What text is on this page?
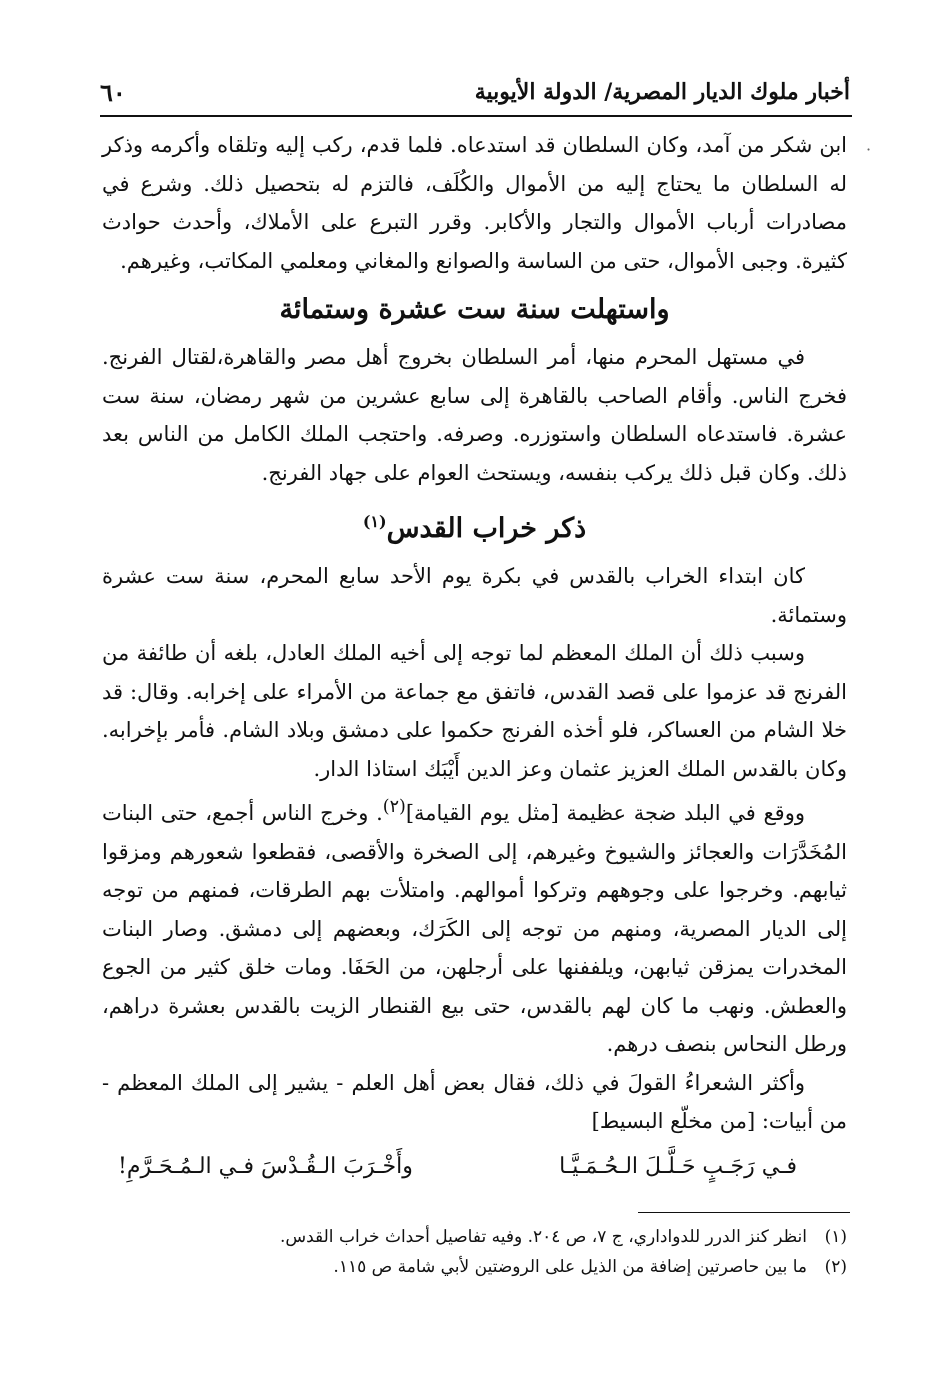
·
أخبار ملوك الديار المصرية/ الدولة الأيوبية
٦٠

ابن شكر من آمد، وكان السلطان قد استدعاه. فلما قدم، ركب إليه وتلقاه وأكرمه وذكر له السلطان ما يحتاج إليه من الأموال والكُلَف، فالتزم له بتحصيل ذلك. وشرع في مصادرات أرباب الأموال والتجار والأكابر. وقرر التبرع على الأملاك، وأحدث حوادث كثيرة. وجبى الأموال، حتى من الساسة والصوانع والمغاني ومعلمي المكاتب، وغيرهم.

واستهلت سنة ست عشرة وستمائة

في مستهل المحرم منها، أمر السلطان بخروج أهل مصر والقاهرة،لقتال الفرنج. فخرج الناس. وأقام الصاحب بالقاهرة إلى سابع عشرين من شهر رمضان، سنة ست عشرة. فاستدعاه السلطان واستوزره. وصرفه. واحتجب الملك الكامل من الناس بعد ذلك. وكان قبل ذلك يركب بنفسه، ويستحث العوام على جهاد الفرنج.

ذكر خراب القدس$^{(١)}$

كان ابتداء الخراب بالقدس في بكرة يوم الأحد سابع المحرم، سنة ست عشرة وستمائة.

وسبب ذلك أن الملك المعظم لما توجه إلى أخيه الملك العادل، بلغه أن طائفة من الفرنج قد عزموا على قصد القدس، فاتفق مع جماعة من الأمراء على إخرابه. وقال: قد خلا الشام من العساكر، فلو أخذه الفرنج حكموا على دمشق وبلاد الشام. فأمر بإخرابه. وكان بالقدس الملك العزيز عثمان وعز الدين أَيْبَك استاذا الدار.

ووقع في البلد ضجة عظيمة [مثل يوم القيامة]$^{(٢)}$. وخرج الناس أجمع، حتى البنات المُخَدَّرَات والعجائز والشيوخ وغيرهم، إلى الصخرة والأقصى، فقطعوا شعورهم ومزقوا ثيابهم. وخرجوا على وجوههم وتركوا أموالهم. وامتلأت بهم الطرقات، فمنهم من توجه إلى الديار المصرية، ومنهم من توجه إلى الكَرَك، وبعضهم إلى دمشق. وصار البنات المخدرات يمزقن ثيابهن، ويلففنها على أرجلهن، من الحَفَا. ومات خلق كثير من الجوع والعطش. ونهب ما كان لهم بالقدس، حتى بيع القنطار الزيت بالقدس بعشرة دراهم، ورطل النحاس بنصف درهم.

وأكثر الشعراءُ القولَ في ذلك، فقال بعض أهل العلم - يشير إلى الملك المعظم - من أبيات: [من مخلّع البسيط]

فـي رَجَـبٍ حَـلَّـلَ الـحُـمَـيَّـا
وأَخْـرَبَ الـقُـدْسَ فـي الـمُـحَـرَّمِ!
(١)
انظر كنز الدرر للدواداري، ج ٧، ص ٢٠٤. وفيه تفاصيل أحداث خراب القدس.
(٢)
ما بين حاصرتين إضافة من الذيل على الروضتين لأبي شامة ص ١١٥.
